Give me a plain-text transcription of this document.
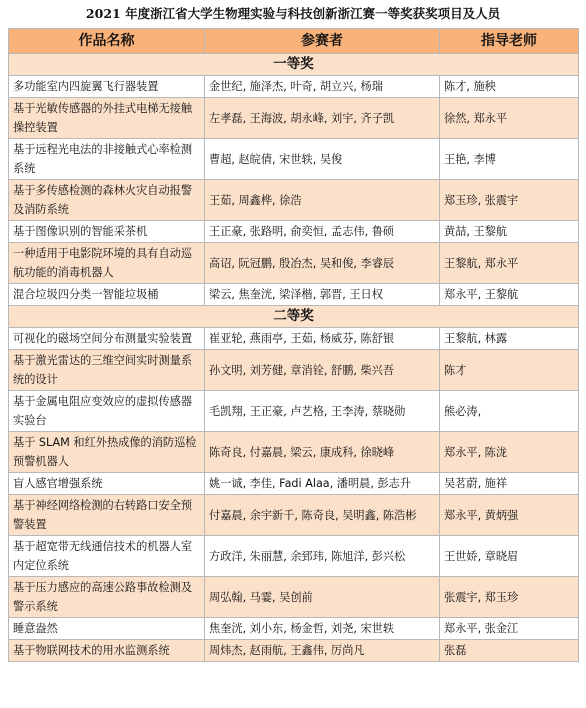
2021 年度浙江省大学生物理实验与科技创新浙江赛一等奖获奖项目及人员
作品名称	参赛者	指导老师
一等奖		
多功能室内四旋翼飞行器装置	金世纪, 施泽杰, 叶奇, 胡立兴, 杨瑞	陈才, 施秧
基于光敏传感器的外挂式电梯无接触操控装置	左孝磊, 王海波, 胡永峰, 刘宇, 齐子凯	徐然, 郑永平
基于远程光电法的非接触式心率检测系统	曹超, 赵皖倩, 宋世轶, 吴俊	王艳, 李博
基于多传感检测的森林火灾自动报警及消防系统	王茹, 周鑫桦, 徐浩	郑玉珍, 张震宇
基于图像识别的智能采茶机	王正豪, 张路明, 俞奕恒, 孟志伟, 鲁硕	黄喆, 王黎航
一种适用于电影院环境的具有自动巡航功能的消毒机器人	高诏, 阮冠鹏, 殷冶杰, 吴和俊, 李睿辰	王黎航, 郑永平
混合垃圾四分类一智能垃圾桶	梁云, 焦奎洸, 梁泽楷, 郭晋, 王日权	郑永平, 王黎航
二等奖		
可视化的磁场空间分布测量实验装置	崔亚轮, 燕雨亭, 王茹, 杨威芬, 陈舒银	王黎航, 林露
基于激光雷达的三维空间实时测量系统的设计	孙文明, 刘芳健, 章消铨, 舒鹏, 柴兴吾	陈才
基于金属电阻应变效应的虚拟传感器实验台	毛凯翔, 王正豪, 卢艺格, 王李涛, 蔡晓勋	熊必涛,
基于 SLAM 和红外热成像的消防巡检预警机器人	陈奇良, 付嘉晨, 梁云, 康成科, 徐晓峰	郑永平, 陈泷
盲人感官增强系统	姚一诚, 李佳, Fadi Alaa, 潘明晨, 彭志升	吴茗蔚, 施祥
基于神经网络检测的右转路口安全预警装置	付嘉晨, 余宇新千, 陈奇良, 吴明鑫, 陈浩彬	郑永平, 黄炳强
基于超宽带无线通信技术的机器人室内定位系统	方政洋, 朱丽慧, 余郅玮, 陈旭洋, 彭兴松	王世娇, 章晓眉
基于压力感应的高速公路事故检测及警示系统	周弘翰, 马霎, 吴创前	张震宇, 郑玉珍
睡意盎然	焦奎洸, 刘小东, 杨金哲, 刘尧, 宋世轶	郑永平, 张金江
基于物联网技术的用水监测系统	周炜杰, 赵雨航, 王鑫伟, 厉尚凡	张磊
